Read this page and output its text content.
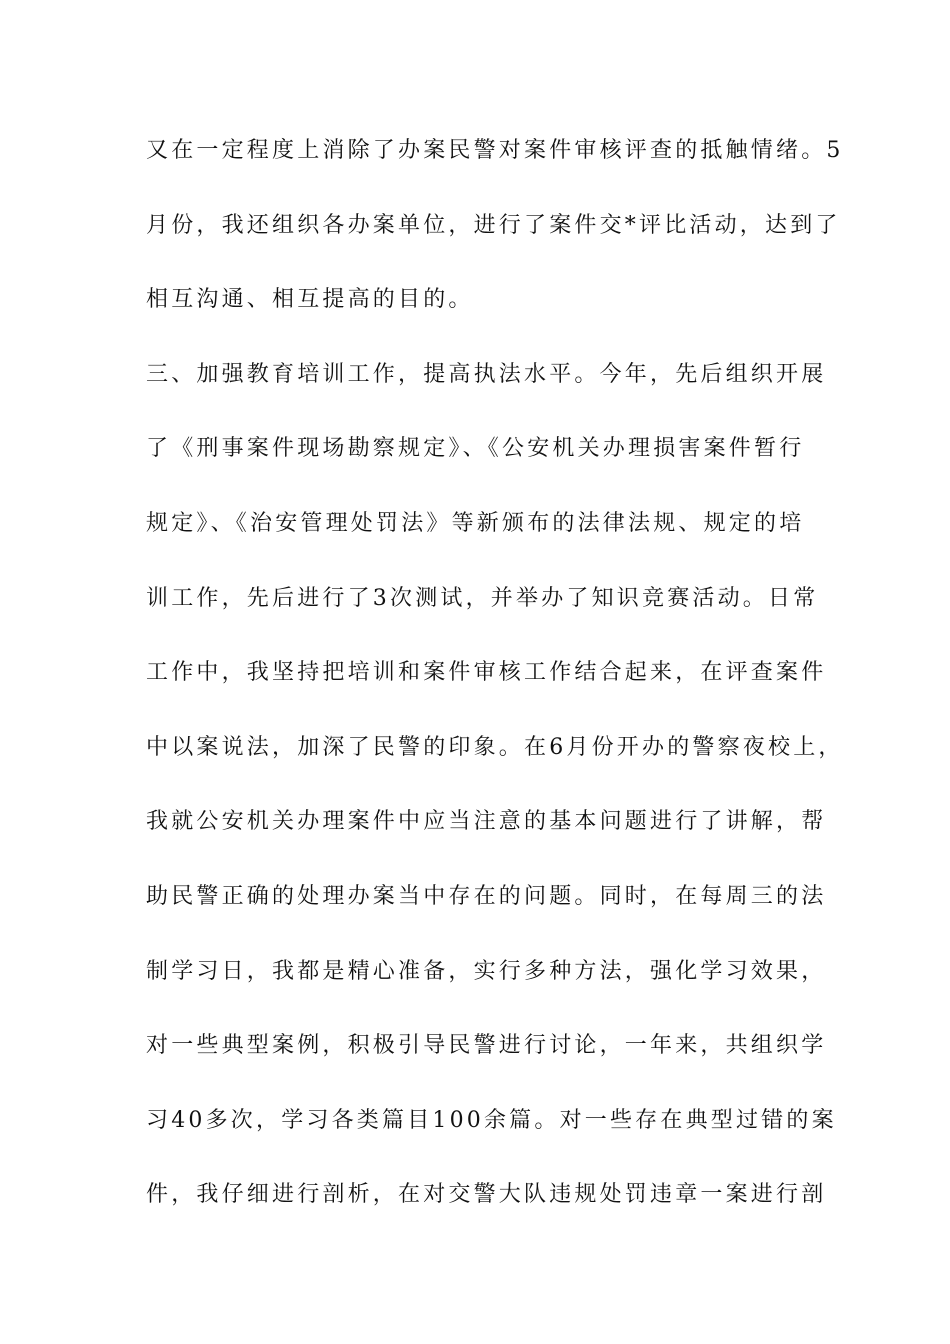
又在一定程度上消除了办案民警对案件审核评查的抵触情绪。5
月份，我还组织各办案单位，进行了案件交*评比活动，达到了
相互沟通、相互提高的目的。
三、加强教育培训工作，提高执法水平。今年，先后组织开展
了《刑事案件现场勘察规定》、《公安机关办理损害案件暂行
规定》、《治安管理处罚法》等新颁布的法律法规、规定的培
训工作，先后进行了3次测试，并举办了知识竞赛活动。日常
工作中，我坚持把培训和案件审核工作结合起来，在评查案件
中以案说法，加深了民警的印象。在6月份开办的警察夜校上，
我就公安机关办理案件中应当注意的基本问题进行了讲解，帮
助民警正确的处理办案当中存在的问题。同时，在每周三的法
制学习日，我都是精心准备，实行多种方法，强化学习效果，
对一些典型案例，积极引导民警进行讨论，一年来，共组织学
习40多次，学习各类篇目100余篇。对一些存在典型过错的案
件，我仔细进行剖析，在对交警大队违规处罚违章一案进行剖
